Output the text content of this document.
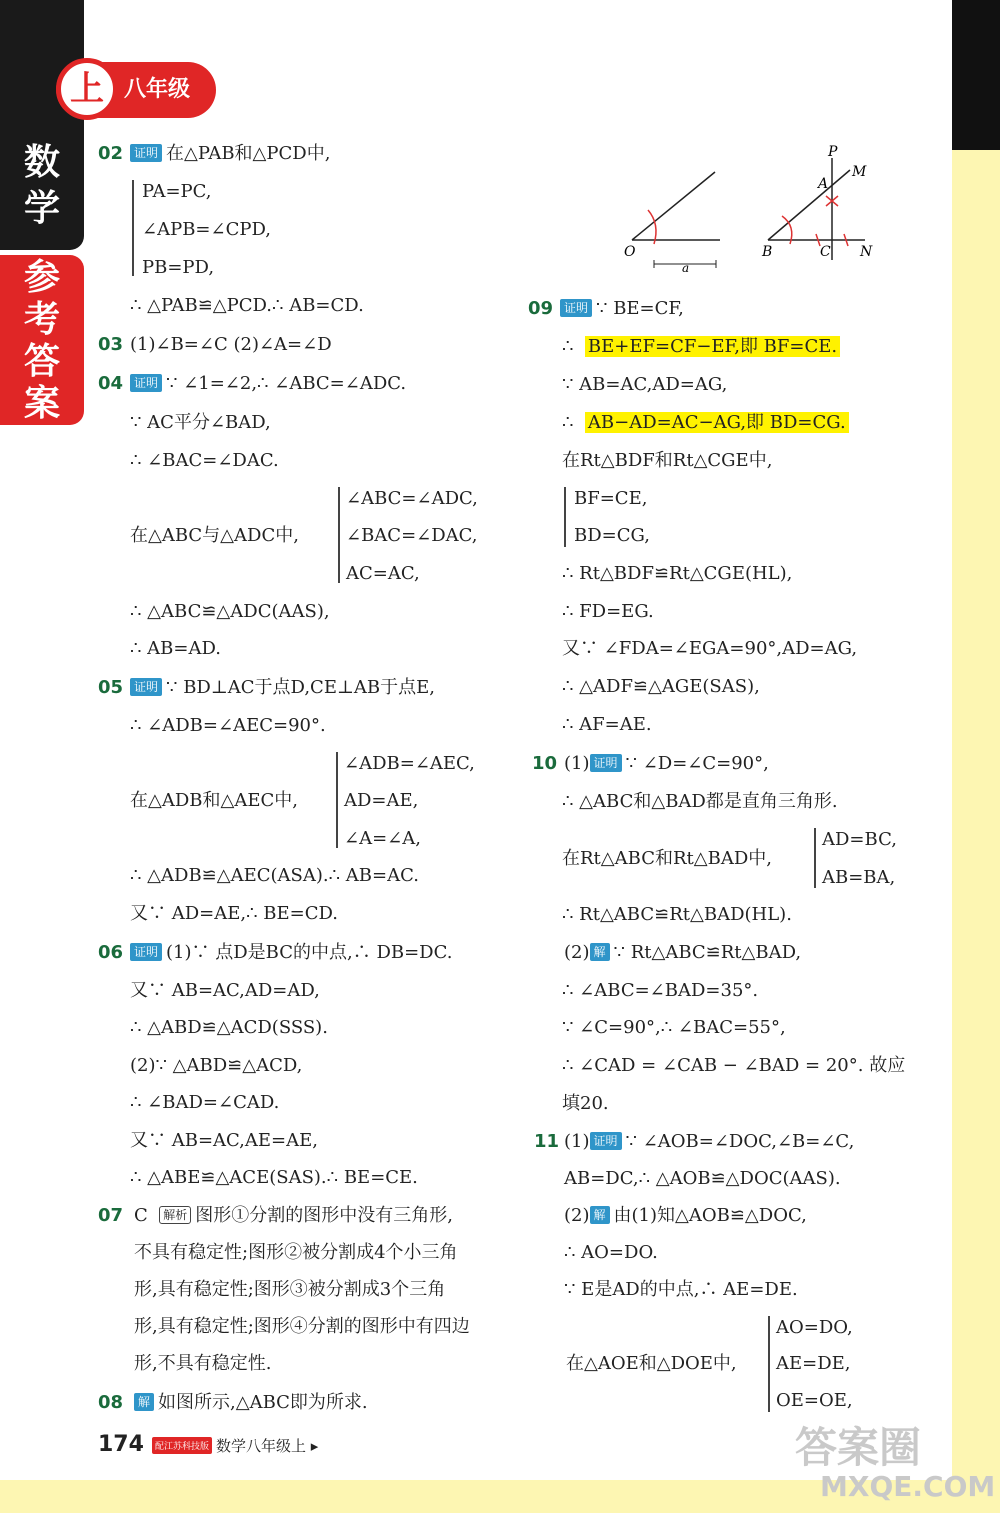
数
学
参
考
答
案
上 八年级
02 证明 在△PAB和△PCD中,
PA=PC,
∠APB=∠CPD,
PB=PD,
∴ △PAB≌△PCD.∴ AB=CD.
03 (1)∠B=∠C (2)∠A=∠D
04 证明 ∵ ∠1=∠2,∴ ∠ABC=∠ADC.
∵ AC平分∠BAD,
∴ ∠BAC=∠DAC.
在△ABC与△ADC中,
∠ABC=∠ADC,
∠BAC=∠DAC,
AC=AC,
∴ △ABC≌△ADC(AAS),
∴ AB=AD.
05 证明 ∵ BD⊥AC于点D,CE⊥AB于点E,
∴ ∠ADB=∠AEC=90°.
在△ADB和△AEC中,
∠ADB=∠AEC,
AD=AE,
∠A=∠A,
∴ △ADB≌△AEC(ASA).∴ AB=AC.
又∵ AD=AE,∴ BE=CD.
06 证明 (1)∵ 点D是BC的中点,∴ DB=DC.
又∵ AB=AC,AD=AD,
∴ △ABD≌△ACD(SSS).
(2)∵ △ABD≌△ACD,
∴ ∠BAD=∠CAD.
又∵ AB=AC,AE=AE,
∴ △ABE≌△ACE(SAS).∴ BE=CE.
07 C 解析 图形①分割的图形中没有三角形,
不具有稳定性;图形②被分割成4个小三角
形,具有稳定性;图形③被分割成3个三角
形,具有稳定性;图形④分割的图形中有四边
形,不具有稳定性.
08	解 如图所示,△ABC即为所求.
O
a
P
M
A
B	C N
09 证明 ∵ BE=CF,
∴ BE+EF=CF−EF,即 BF=CE.
∵ AB=AC,AD=AG,
∴ AB−AD=AC−AG,即 BD=CG.
在Rt△BDF和Rt△CGE中,
BF=CE,
BD=CG,
∴ Rt△BDF≌Rt△CGE(HL),
∴ FD=EG.
又∵ ∠FDA=∠EGA=90°,AD=AG,
∴ △ADF≌△AGE(SAS),
∴ AF=AE.
10 (1) 证明 ∵ ∠D=∠C=90°,
∴ △ABC和△BAD都是直角三角形.
在Rt△ABC和Rt△BAD中,
AD=BC,
AB=BA,
∴ Rt△ABC≌Rt△BAD(HL).
(2) 解 ∵ Rt△ABC≌Rt△BAD,
∴ ∠ABC=∠BAD=35°.
∵ ∠C=90°,∴ ∠BAC=55°,
∴ ∠CAD = ∠CAB − ∠BAD = 20°. 故应
填20.
11 (1) 证明 ∵ ∠AOB=∠DOC,∠B=∠C,
AB=DC,∴ △AOB≌△DOC(AAS).
(2) 解 由(1)知△AOB≌△DOC,
∴ AO=DO.
∵ E是AD的中点,∴ AE=DE.
在△AOE和△DOE中,
AO=DO,
AE=DE,
OE=OE,
174	配江苏科技版 数学八年级上 ▸	答案圈
MXQE.COM
